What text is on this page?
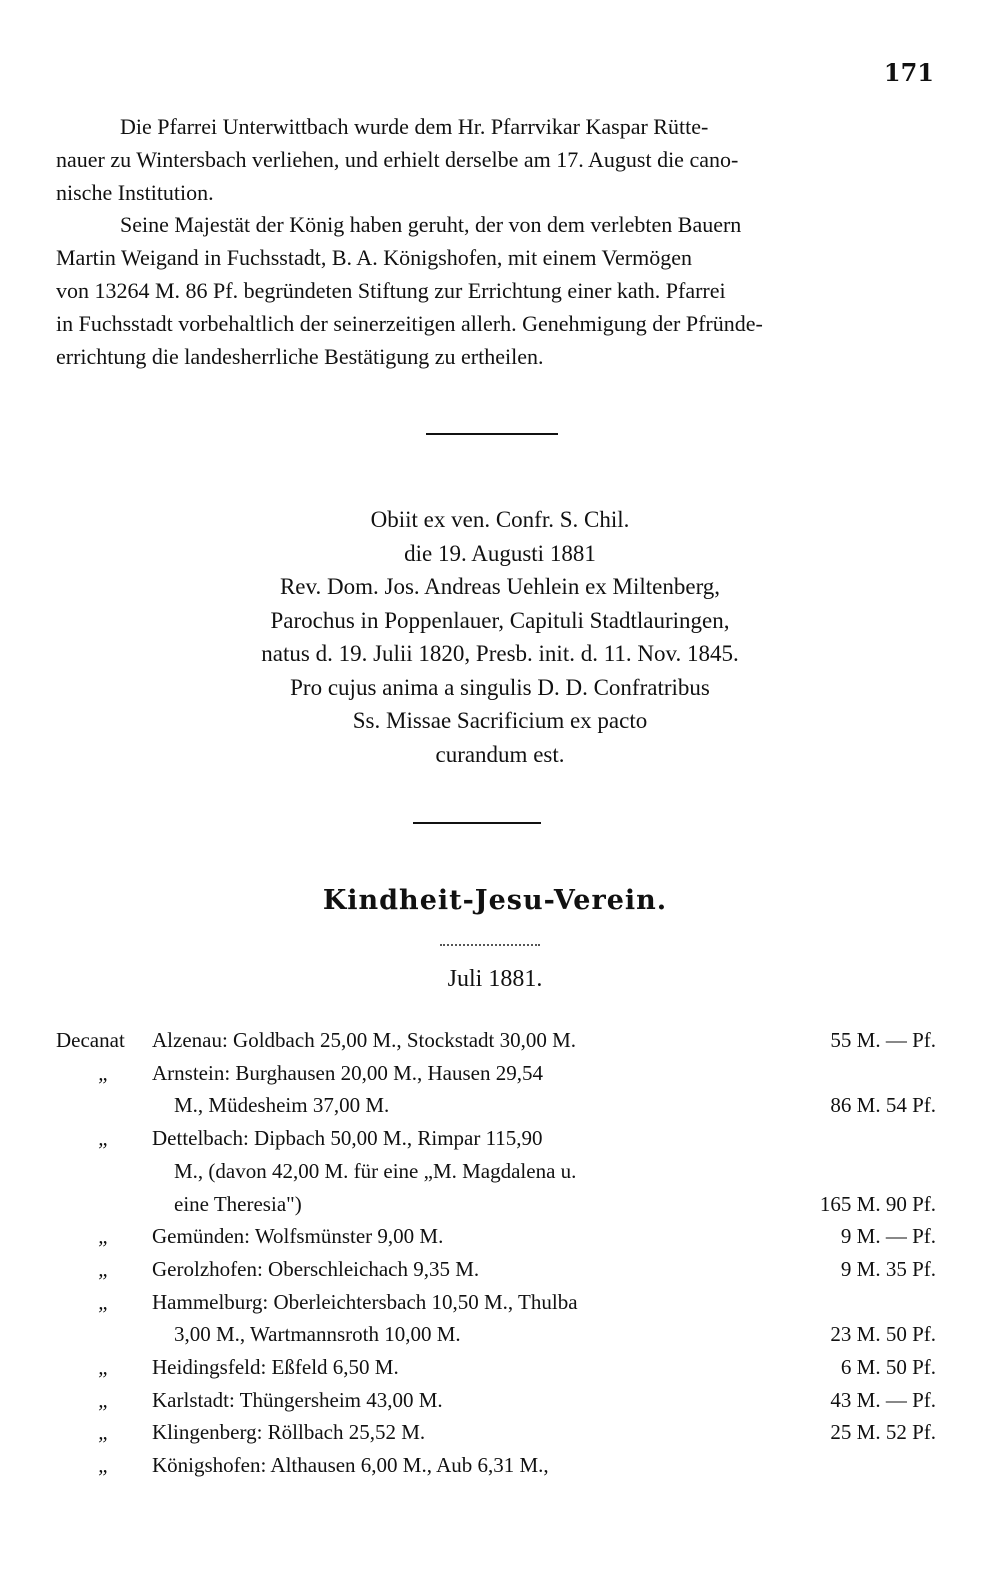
171
Die Pfarrei Unterwittbach wurde dem Hr. Pfarrvikar Kaspar Rütte-
nauer zu Wintersbach verliehen, und erhielt derselbe am 17. August die cano-
nische Institution.
Seine Majestät der König haben geruht, der von dem verlebten Bauern
Martin Weigand in Fuchsstadt, B. A. Königshofen, mit einem Vermögen
von 13264 M. 86 Pf. begründeten Stiftung zur Errichtung einer kath. Pfarrei
in Fuchsstadt vorbehaltlich der seinerzeitigen allerh. Genehmigung der Pfründe-
errichtung die landesherrliche Bestätigung zu ertheilen.
Obiit ex ven. Confr. S. Chil.
die 19. Augusti 1881
Rev. Dom. Jos. Andreas Uehlein ex Miltenberg,
Parochus in Poppenlauer, Capituli Stadtlauringen,
natus d. 19. Julii 1820, Presb. init. d. 11. Nov. 1845.
Pro cujus anima a singulis D. D. Confratribus
Ss. Missae Sacrificium ex pacto
curandum est.
Kindheit-Jesu-Verein.
Juli 1881.
Decanat	Alzenau: Goldbach 25,00 M., Stockstadt 30,00 M.	55 M. — Pf.
„	Arnstein: Burghausen 20,00 M., Hausen 29,54
M., Müdesheim 37,00 M.	86 M. 54 Pf.
„	Dettelbach: Dipbach 50,00 M., Rimpar 115,90
M., (davon 42,00 M. für eine „M. Magdalena u.
eine Theresia")	165 M. 90 Pf.
„	Gemünden: Wolfsmünster 9,00 M.	9 M. — Pf.
„	Gerolzhofen: Oberschleichach 9,35 M.	9 M. 35 Pf.
„	Hammelburg: Oberleichtersbach 10,50 M., Thulba
3,00 M., Wartmannsroth 10,00 M.	23 M. 50 Pf.
„	Heidingsfeld: Eßfeld 6,50 M.	6 M. 50 Pf.
„	Karlstadt: Thüngersheim 43,00 M.	43 M. — Pf.
„	Klingenberg: Röllbach 25,52 M.	25 M. 52 Pf.
„	Königshofen: Althausen 6,00 M., Aub 6,31 M.,
